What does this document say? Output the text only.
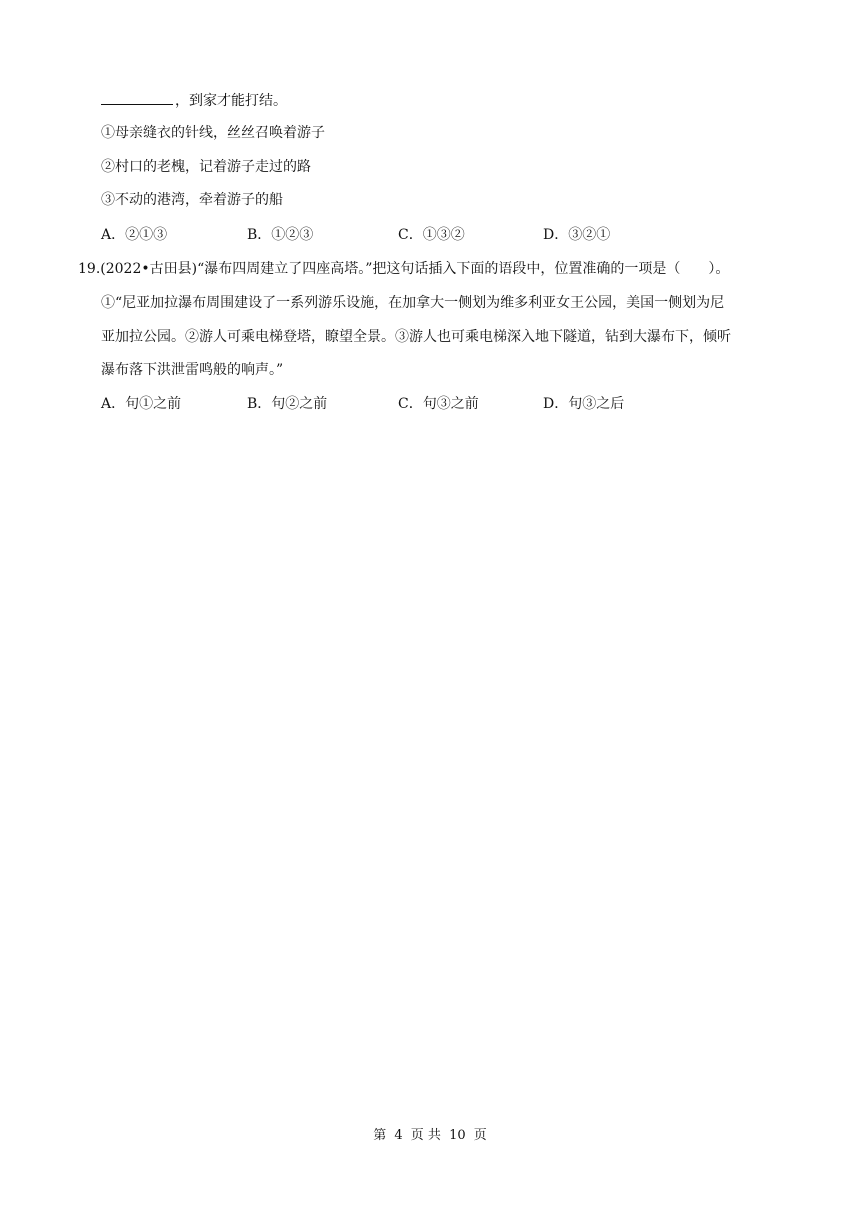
，到家才能打结。
①母亲缝衣的针线，丝丝召唤着游子
②村口的老槐，记着游子走过的路
③不动的港湾，牵着游子的船
A．②①③	B．①②③	C．①③②	D．③②①
19.(2022•古田县)“瀑布四周建立了四座高塔。”把这句话插入下面的语段中，位置准确的一项是（　　）。
①“尼亚加拉瀑布周围建设了一系列游乐设施，在加拿大一侧划为维多利亚女王公园，美国一侧划为尼
亚加拉公园。②游人可乘电梯登塔，瞭望全景。③游人也可乘电梯深入地下隧道，钻到大瀑布下，倾听
瀑布落下洪泄雷鸣般的响声。”
A．句①之前	B．句②之前	C．句③之前	D．句③之后
第 4 页 共 10 页
